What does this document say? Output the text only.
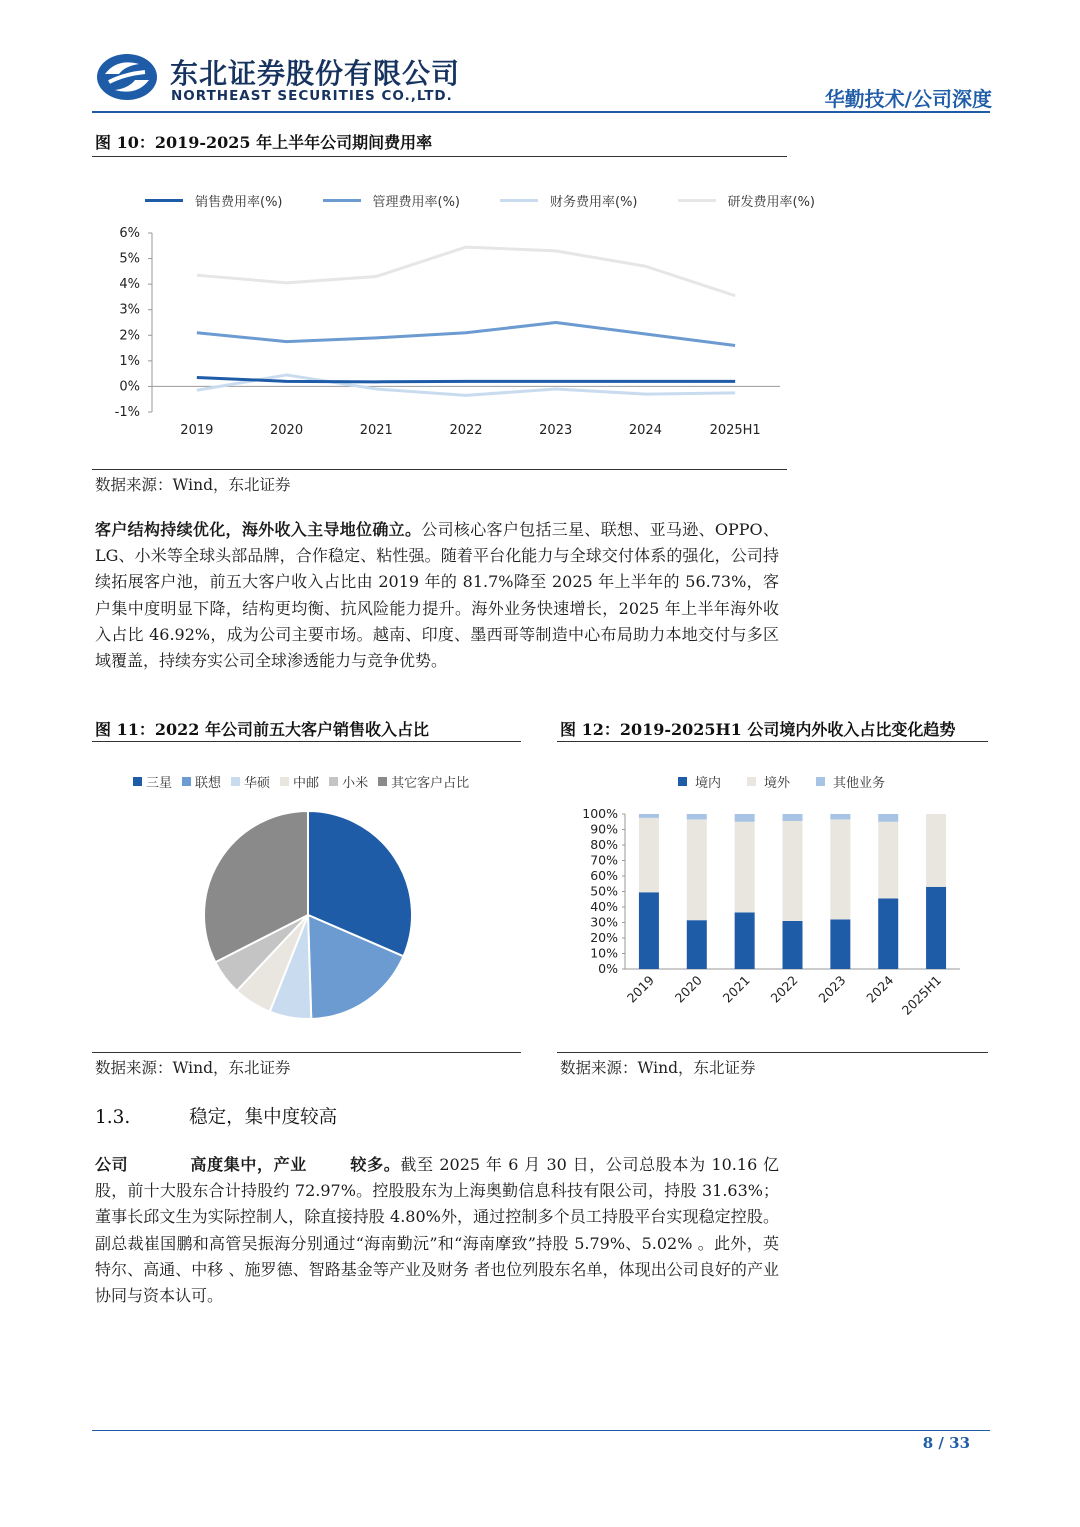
东北证券股份有限公司
NORTHEAST SECURITIES CO.,LTD.	华勤技术/公司深度
图 10：2019-2025 年上半年公司期间费用率
销售费用率(%)	管理费用率(%)	财务费用率(%)	研发费用率(%)
-1%
0%
1%
2%
3%
4%
5%
6%
2019	2020	2021	2022	2023	2024	2025H1
数据来源：Wind，东北证券
客户结构持续优化，海外收入主导地位确立。公司核心客户包括三星、联想、亚马逊、OPPO、LG、小米等全球头部品牌，合作稳定、粘性强。随着平台化能力与全球交付体系的强化，公司持续拓展客户池，前五大客户收入占比由 2019 年的 81.7%降至 2025 年上半年的 56.73%，客户集中度明显下降，结构更均衡、抗风险能力提升。海外业务快速增长，2025 年上半年海外收入占比 46.92%，成为公司主要市场。越南、印度、墨西哥等制造中心布局助力本地交付与多区域覆盖，持续夯实公司全球渗透能力与竞争优势。
图 11：2022 年公司前五大客户销售收入占比
三星 联想 华硕 中邮 小米 其它客户占比
数据来源：Wind，东北证券
图 12：2019-2025H1 公司境内外收入占比变化趋势
境内	境外	其他业务
0%
10%
20%
30%
40%
50%
60%
70%
80%
90%
100%
2019 2020 2021 2022 2023 2024 2025H1
数据来源：Wind，东北证券
1.3.          稳定，集中度较高
公司          高度集中，产业       较多。截至 2025 年 6 月 30 日，公司总股本为 10.16 亿股，前十大股东合计持股约 72.97%。控股股东为上海奥勤信息科技有限公司，持股 31.63%；董事长邱文生为实际控制人，除直接持股 4.80%外，通过控制多个员工持股平台实现稳定控股。副总裁崔国鹏和高管吴振海分别通过“海南勤沅”和“海南摩致”持股 5.79%、5.02% 。此外，英特尔、高通、中移 、施罗德、智路基金等产业及财务 者也位列股东名单，体现出公司良好的产业协同与资本认可。
8 / 33
